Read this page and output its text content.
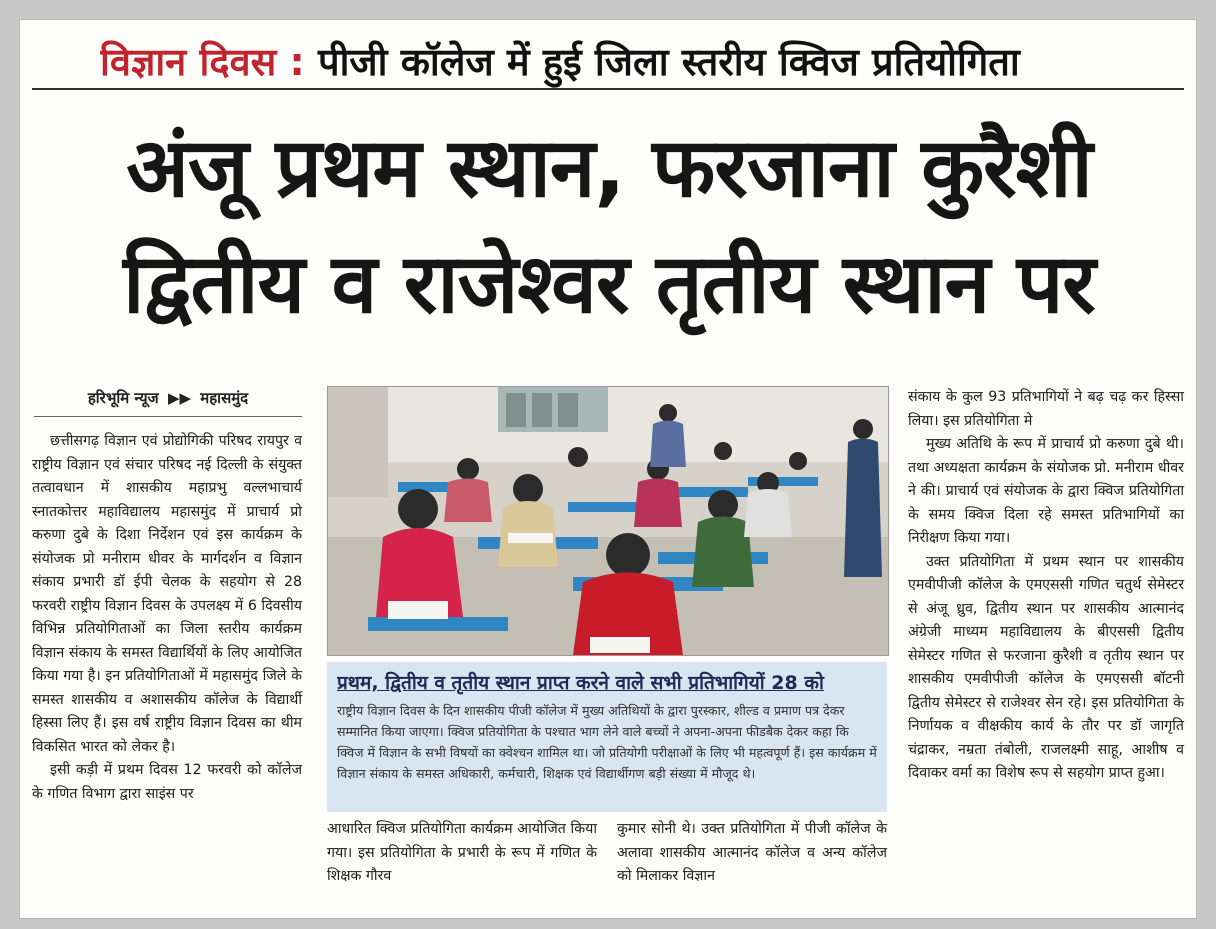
विज्ञान दिवस : पीजी कॉलेज में हुई जिला स्तरीय क्विज प्रतियोगिता
अंजू प्रथम स्थान, फरजाना कुरैशी
द्वितीय व राजेश्वर तृतीय स्थान पर
हरिभूमि न्यूज ▶▶ महासमुंद

छत्तीसगढ़ विज्ञान एवं प्रोद्योगिकी परिषद रायपुर व राष्ट्रीय विज्ञान एवं संचार परिषद नई दिल्ली के संयुक्त तत्वावधान में शासकीय महाप्रभु वल्लभाचार्य स्नातकोत्तर महाविद्यालय महासमुंद में प्राचार्य प्रो करुणा दुबे के दिशा निर्देशन एवं इस कार्यक्रम के संयोजक प्रो मनीराम धीवर के मार्गदर्शन व विज्ञान संकाय प्रभारी डॉ ईपी चेलक के सहयोग से 28 फरवरी राष्ट्रीय विज्ञान दिवस के उपलक्ष्य में 6 दिवसीय विभिन्न प्रतियोगिताओं का जिला स्तरीय कार्यक्रम विज्ञान संकाय के समस्त विद्यार्थियों के लिए आयोजित किया गया है। इन प्रतियोगिताओं में महासमुंद जिले के समस्त शासकीय व अशासकीय कॉलेज के विद्यार्थी हिस्सा लिए हैं। इस वर्ष राष्ट्रीय विज्ञान दिवस का थीम विकसित भारत को लेकर है।

इसी कड़ी में प्रथम दिवस 12 फरवरी को कॉलेज के गणित विभाग द्वारा साइंस पर

प्रथम, द्वितीय व तृतीय स्थान प्राप्त करने वाले सभी प्रतिभागियों 28 को
राष्ट्रीय विज्ञान दिवस के दिन शासकीय पीजी कॉलेज में मुख्य अतिथियों के द्वारा पुरस्कार, शील्ड व प्रमाण पत्र देकर सम्मानित किया जाएगा। क्विज प्रतियोगिता के पश्चात भाग लेने वाले बच्चों ने अपना-अपना फीडबैक देकर कहा कि क्विज में विज्ञान के सभी विषयों का क्वेश्चन शामिल था। जो प्रतियोगी परीक्षाओं के लिए भी महत्वपूर्ण हैं। इस कार्यक्रम में विज्ञान संकाय के समस्त अधिकारी, कर्मचारी, शिक्षक एवं विद्यार्थीगण बड़ी संख्या में मौजूद थे।

आधारित क्विज प्रतियोगिता कार्यक्रम आयोजित किया गया। इस प्रतियोगिता के प्रभारी के रूप में गणित के शिक्षक गौरव

कुमार सोनी थे। उक्त प्रतियोगिता में पीजी कॉलेज के अलावा शासकीय आत्मानंद कॉलेज व अन्य कॉलेज को मिलाकर विज्ञान

संकाय के कुल 93 प्रतिभागियों ने बढ़ चढ़ कर हिस्सा लिया। इस प्रतियोगिता मे

मुख्य अतिथि के रूप में प्राचार्य प्रो करुणा दुबे थी। तथा अध्यक्षता कार्यक्रम के संयोजक प्रो. मनीराम धीवर ने की। प्राचार्य एवं संयोजक के द्वारा क्विज प्रतियोगिता के समय क्विज दिला रहे समस्त प्रतिभागियों का निरीक्षण किया गया।

उक्त प्रतियोगिता में प्रथम स्थान पर शासकीय एमवीपीजी कॉलेज के एमएससी गणित चतुर्थ सेमेस्टर से अंजू ध्रुव, द्वितीय स्थान पर शासकीय आत्मानंद अंग्रेजी माध्यम महाविद्यालय के बीएससी द्वितीय सेमेस्टर गणित से फरजाना कुरैशी व तृतीय स्थान पर शासकीय एमवीपीजी कॉलेज के एमएससी बॉटनी द्वितीय सेमेस्टर से राजेश्वर सेन रहे। इस प्रतियोगिता के निर्णायक व वीक्षकीय कार्य के तौर पर डॉ जागृति चंद्राकर, नम्रता तंबोली, राजलक्ष्मी साहू, आशीष व दिवाकर वर्मा का विशेष रूप से सहयोग प्राप्त हुआ।
